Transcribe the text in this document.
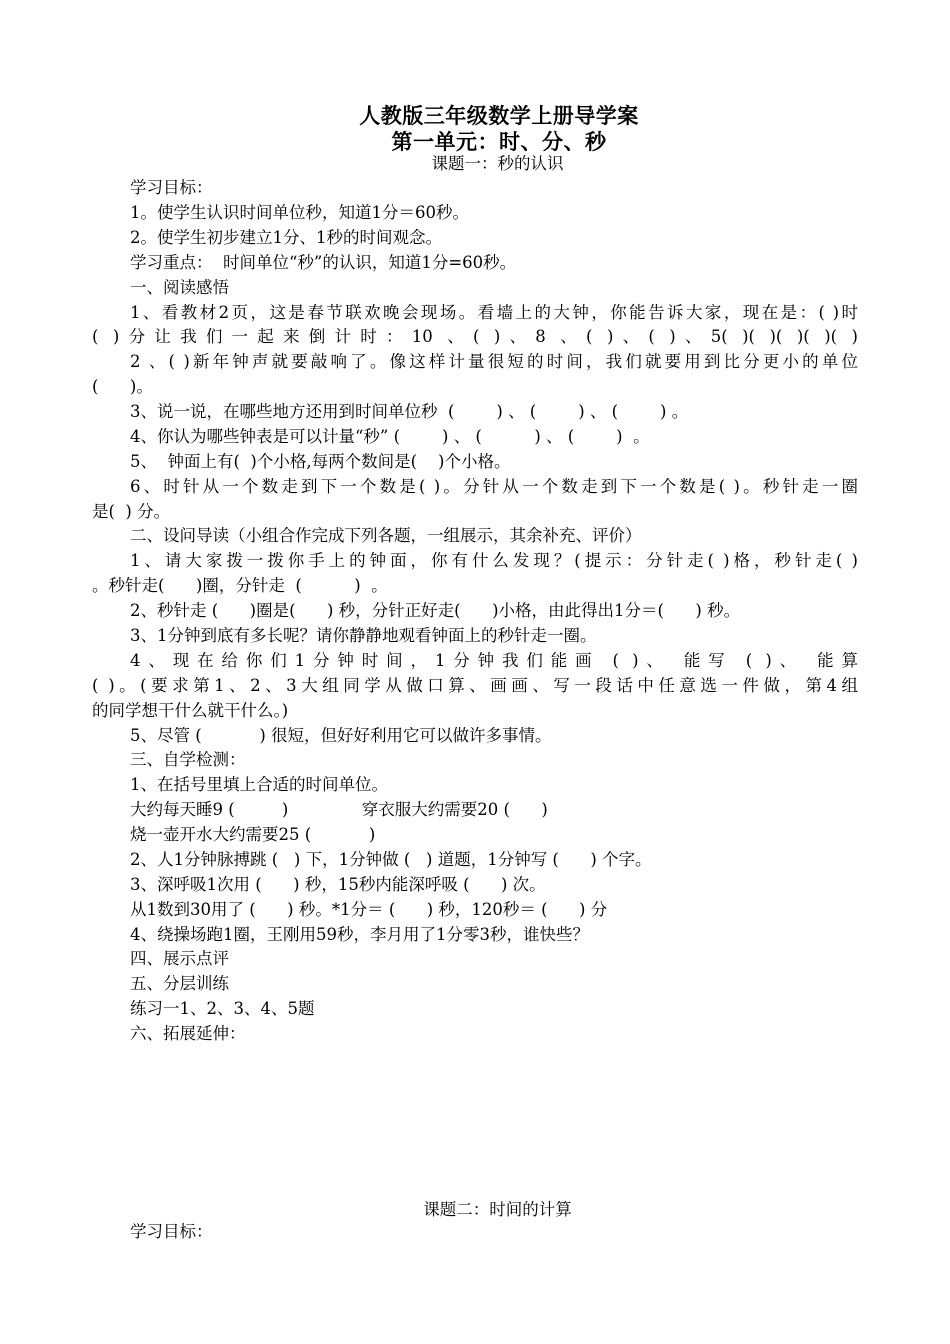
人教版三年级数学上册导学案
第一单元：时、分、秒
课题一：秒的认识
学习目标：
1。使学生认识时间单位秒，知道1分＝60秒。
2。使学生初步建立1分、1秒的时间观念。
学习重点：  时间单位“秒”的认识，知道1分=60秒。
一、阅读感悟
1、看教材2页，这是春节联欢晚会现场。看墙上的大钟，你能告诉大家，现在是：( )时
( )分让我们一起来倒计时：10 、( )、8 、( )、( )、5( )( )( )( )( )
2 、( )新年钟声就要敲响了。像这样计量很短的时间，我们就要用到比分更小的单位
(      )。
3、说一说，在哪些地方还用到时间单位秒  (        ) 、 (        ) 、 (        ) 。
4、你认为哪些钟表是可以计量“秒” (        ) 、 (          ) 、 (        )  。
5、  钟面上有(  )个小格,每两个数间是(    )个小格。
6、时针从一个数走到下一个数是( )。分针从一个数走到下一个数是( )。秒针走一圈
是(  ) 分。
二、设问导读（小组合作完成下列各题，一组展示，其余补充、评价）
1、请大家拨一拨你手上的钟面，你有什么发现？(提示：分针走( )格，秒针走( )
。秒针走(      )圈，分针走  (          )  。
2、秒针走 (      )圈是(      ) 秒，分针正好走(      )小格，由此得出1分＝(      ) 秒。
3、1分钟到底有多长呢？请你静静地观看钟面上的秒针走一圈。
4、现在给你们1分钟时间，1分钟我们能画 ( )、 能写 ( )、 能算
( )。(要求第1、2、3大组同学从做口算、画画、写一段话中任意选一件做，第4组
的同学想干什么就干什么。)
5、尽管 (           ) 很短，但好好利用它可以做许多事情。
三、自学检测：
1、在括号里填上合适的时间单位。
大约每天睡9 (         )              穿衣服大约需要20 (      )
烧一壶开水大约需要25 (           )
2、人1分钟脉搏跳 (   ) 下，1分钟做 (   ) 道题，1分钟写 (      ) 个字。
3、深呼吸1次用 (      ) 秒，15秒内能深呼吸 (      ) 次。
从1数到30用了 (      ) 秒。*1分＝ (      ) 秒，120秒＝ (      ) 分
4、绕操场跑1圈，王刚用59秒，李月用了1分零3秒，谁快些？
四、展示点评
五、分层训练
练习一1、2、3、4、5题
六、拓展延伸：
课题二：时间的计算
学习目标：
